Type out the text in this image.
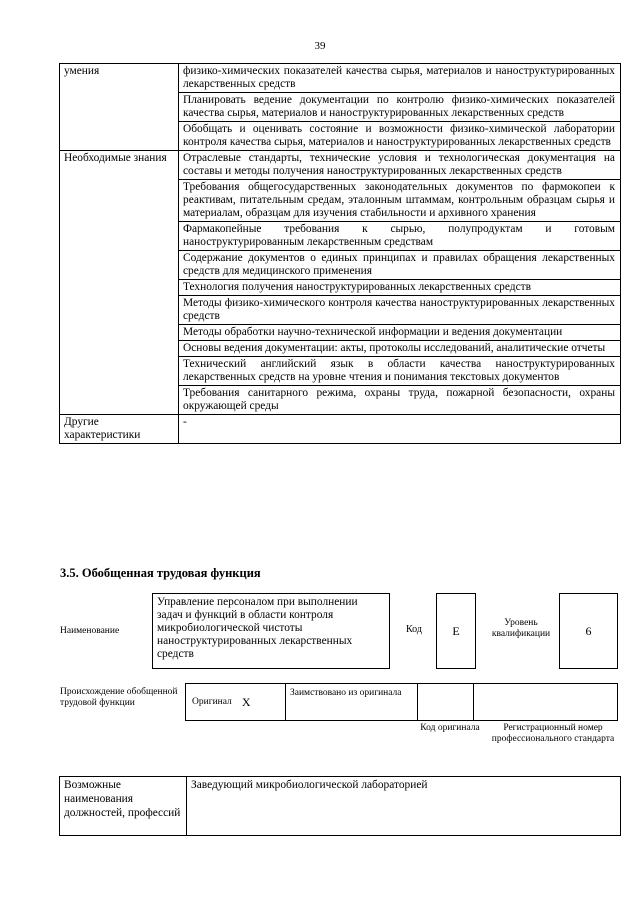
39
умения	физико-химических показателей качества сырья, материалов и наноструктурированных лекарственных средств
	Планировать ведение документации по контролю физико-химических показателей качества сырья, материалов и наноструктурированных лекарственных средств
	Обобщать и оценивать состояние и возможности физико-химической лаборатории контроля качества сырья, материалов и наноструктурированных лекарственных средств
Необходимые знания	Отраслевые стандарты, технические условия и технологическая документация на составы и методы получения наноструктурированных лекарственных средств
	Требования общегосударственных законодательных документов по фармокопеи к реактивам, питательным средам, эталонным штаммам, контрольным образцам сырья и материалам, образцам для изучения стабильности и архивного хранения
	Фармакопейные требования к сырью, полупродуктам и готовым наноструктурированным лекарственным средствам
	Содержание документов о единых принципах и правилах обращения лекарственных средств для медицинского применения
	Технология получения наноструктурированных лекарственных средств
	Методы физико-химического контроля качества наноструктурированных лекарственных средств
	Методы обработки научно-технической информации и ведения документации
	Основы ведения документации: акты, протоколы исследований, аналитические отчеты
	Технический английский язык в области качества наноструктурированных лекарственных средств на уровне чтения и понимания текстовых документов
	Требования санитарного режима, охраны труда, пожарной безопасности, охраны окружающей среды
Другие характеристики	-
3.5. Обобщенная трудовая функция
Наименование
Управление персоналом при выполнении задач и функций в области контроля микробиологической чистоты наноструктурированных лекарственных средств
Код	E
Уровень квалификации	6
Происхождение обобщенной трудовой функции	Оригинал X
Заимствовано из оригинала
Код оригинала	Регистрационный номер профессионального стандарта
Возможные наименования должностей, профессий	Заведующий микробиологической лабораторией
